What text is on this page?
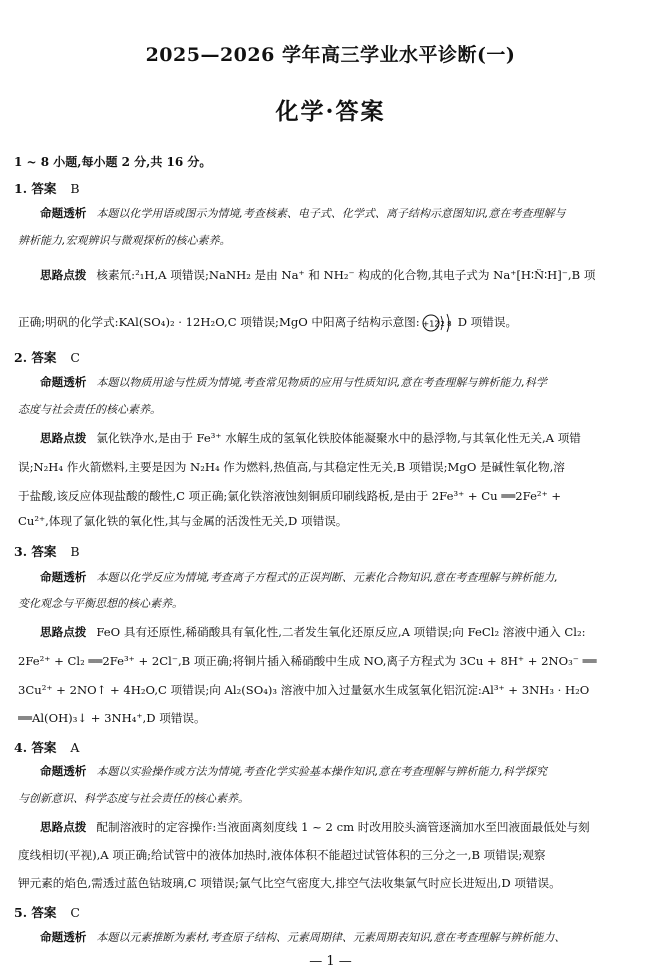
2025—2026 学年高三学业水平诊断(一)
化学·答案
1 ~ 8 小题,每小题 2 分,共 16 分。
1. 答案 B
命题透析 本题以化学用语或图示为情境,考查核素、电子式、化学式、离子结构示意图知识,意在考查理解与
辨析能力,宏观辨识与微观探析的核心素养。
思路点拨 核素氘:²₁H,A 项错误;NaNH₂ 是由 Na⁺ 和 NH₂⁻ 构成的化合物,其电子式为 Na⁺[H∶N̈∶H]⁻,B 项
正确;明矾的化学式:KAl(SO₄)₂ · 12H₂O,C 项错误;MgO 中阳离子结构示意图: +12 2 8 D 项错误。
2. 答案 C
命题透析 本题以物质用途与性质为情境,考查常见物质的应用与性质知识,意在考查理解与辨析能力,科学
态度与社会责任的核心素养。
思路点拨 氯化铁净水,是由于 Fe³⁺ 水解生成的氢氧化铁胶体能凝聚水中的悬浮物,与其氧化性无关,A 项错
误;N₂H₄ 作火箭燃料,主要是因为 N₂H₄ 作为燃料,热值高,与其稳定性无关,B 项错误;MgO 是碱性氧化物,溶
于盐酸,该反应体现盐酸的酸性,C 项正确;氯化铁溶液蚀刻铜质印刷线路板,是由于 2Fe³⁺ + Cu ══2Fe²⁺ +
Cu²⁺,体现了氯化铁的氧化性,其与金属的活泼性无关,D 项错误。
3. 答案 B
命题透析 本题以化学反应为情境,考查离子方程式的正误判断、元素化合物知识,意在考查理解与辨析能力,
变化观念与平衡思想的核心素养。
思路点拨 FeO 具有还原性,稀硝酸具有氧化性,二者发生氧化还原反应,A 项错误;向 FeCl₂ 溶液中通入 Cl₂:
2Fe²⁺ + Cl₂ ══2Fe³⁺ + 2Cl⁻,B 项正确;将铜片插入稀硝酸中生成 NO,离子方程式为 3Cu + 8H⁺ + 2NO₃⁻ ══
3Cu²⁺ + 2NO↑ + 4H₂O,C 项错误;向 Al₂(SO₄)₃ 溶液中加入过量氨水生成氢氧化铝沉淀:Al³⁺ + 3NH₃ · H₂O
══Al(OH)₃↓ + 3NH₄⁺,D 项错误。
4. 答案 A
命题透析 本题以实验操作或方法为情境,考查化学实验基本操作知识,意在考查理解与辨析能力,科学探究
与创新意识、科学态度与社会责任的核心素养。
思路点拨 配制溶液时的定容操作:当液面离刻度线 1 ~ 2 cm 时改用胶头滴管逐滴加水至凹液面最低处与刻
度线相切(平视),A 项正确;给试管中的液体加热时,液体体积不能超过试管体积的三分之一,B 项错误;观察
钾元素的焰色,需透过蓝色钴玻璃,C 项错误;氯气比空气密度大,排空气法收集氯气时应长进短出,D 项错误。
5. 答案 C
命题透析 本题以元素推断为素材,考查原子结构、元素周期律、元素周期表知识,意在考查理解与辨析能力、
— 1 —
